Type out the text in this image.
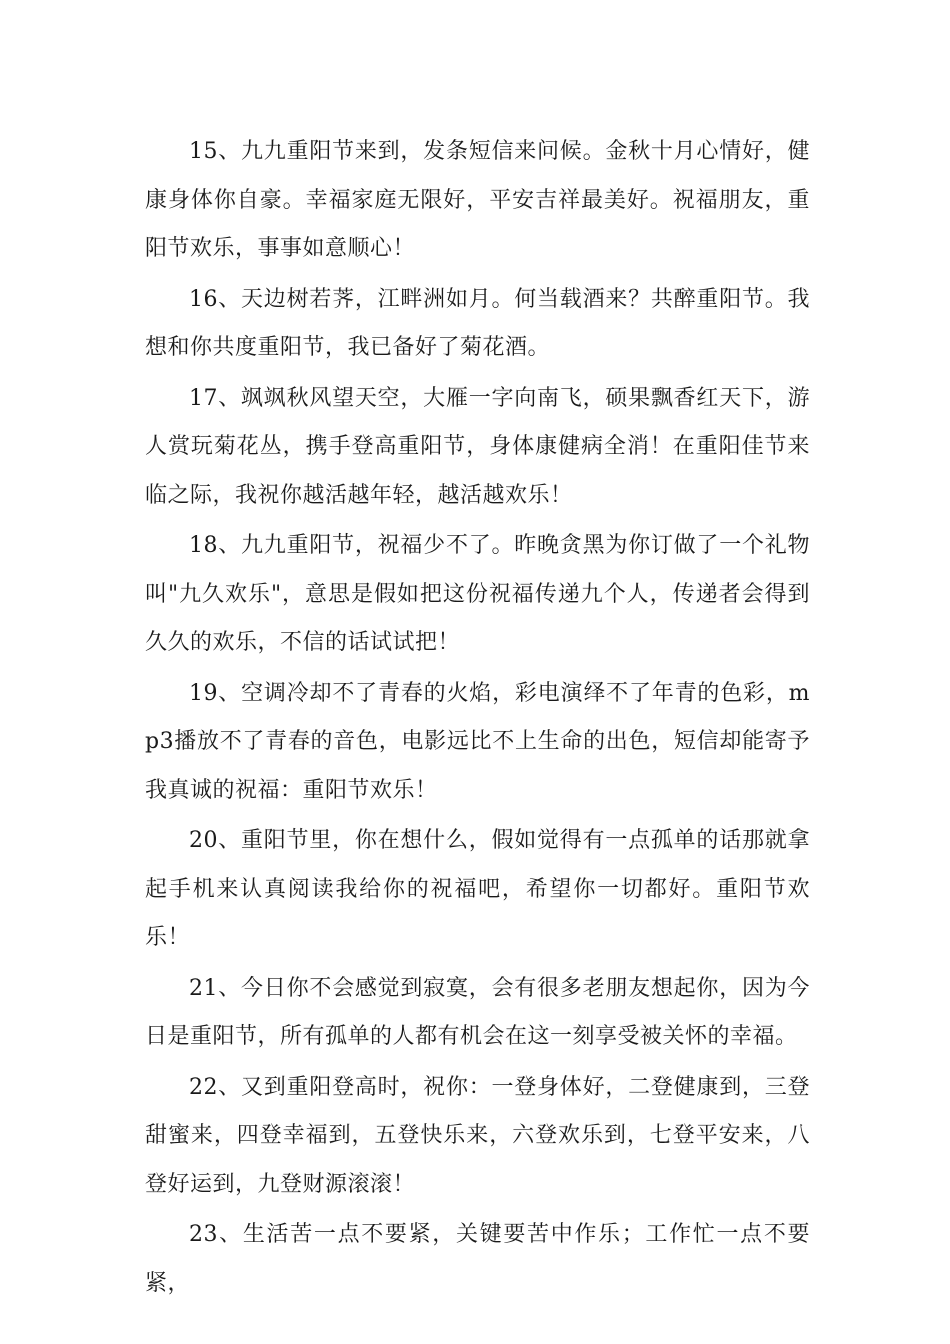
15、九九重阳节来到，发条短信来问候。金秋十月心情好，健康身体你自豪。幸福家庭无限好，平安吉祥最美好。祝福朋友，重阳节欢乐，事事如意顺心！

16、天边树若荠，江畔洲如月。何当载酒来？共醉重阳节。我想和你共度重阳节，我已备好了菊花酒。

17、飒飒秋风望天空，大雁一字向南飞，硕果飘香红天下，游人赏玩菊花丛，携手登高重阳节，身体康健病全消！在重阳佳节来临之际，我祝你越活越年轻，越活越欢乐！

18、九九重阳节，祝福少不了。昨晚贪黑为你订做了一个礼物叫"九久欢乐"，意思是假如把这份祝福传递九个人，传递者会得到久久的欢乐，不信的话试试把！

19、空调冷却不了青春的火焰，彩电演绎不了年青的色彩，mp3播放不了青春的音色，电影远比不上生命的出色，短信却能寄予我真诚的祝福：重阳节欢乐！

20、重阳节里，你在想什么，假如觉得有一点孤单的话那就拿起手机来认真阅读我给你的祝福吧，希望你一切都好。重阳节欢乐！

21、今日你不会感觉到寂寞，会有很多老朋友想起你，因为今日是重阳节，所有孤单的人都有机会在这一刻享受被关怀的幸福。

22、又到重阳登高时，祝你：一登身体好，二登健康到，三登甜蜜来，四登幸福到，五登快乐来，六登欢乐到，七登平安来，八登好运到，九登财源滚滚！

23、生活苦一点不要紧，关键要苦中作乐；工作忙一点不要紧，
